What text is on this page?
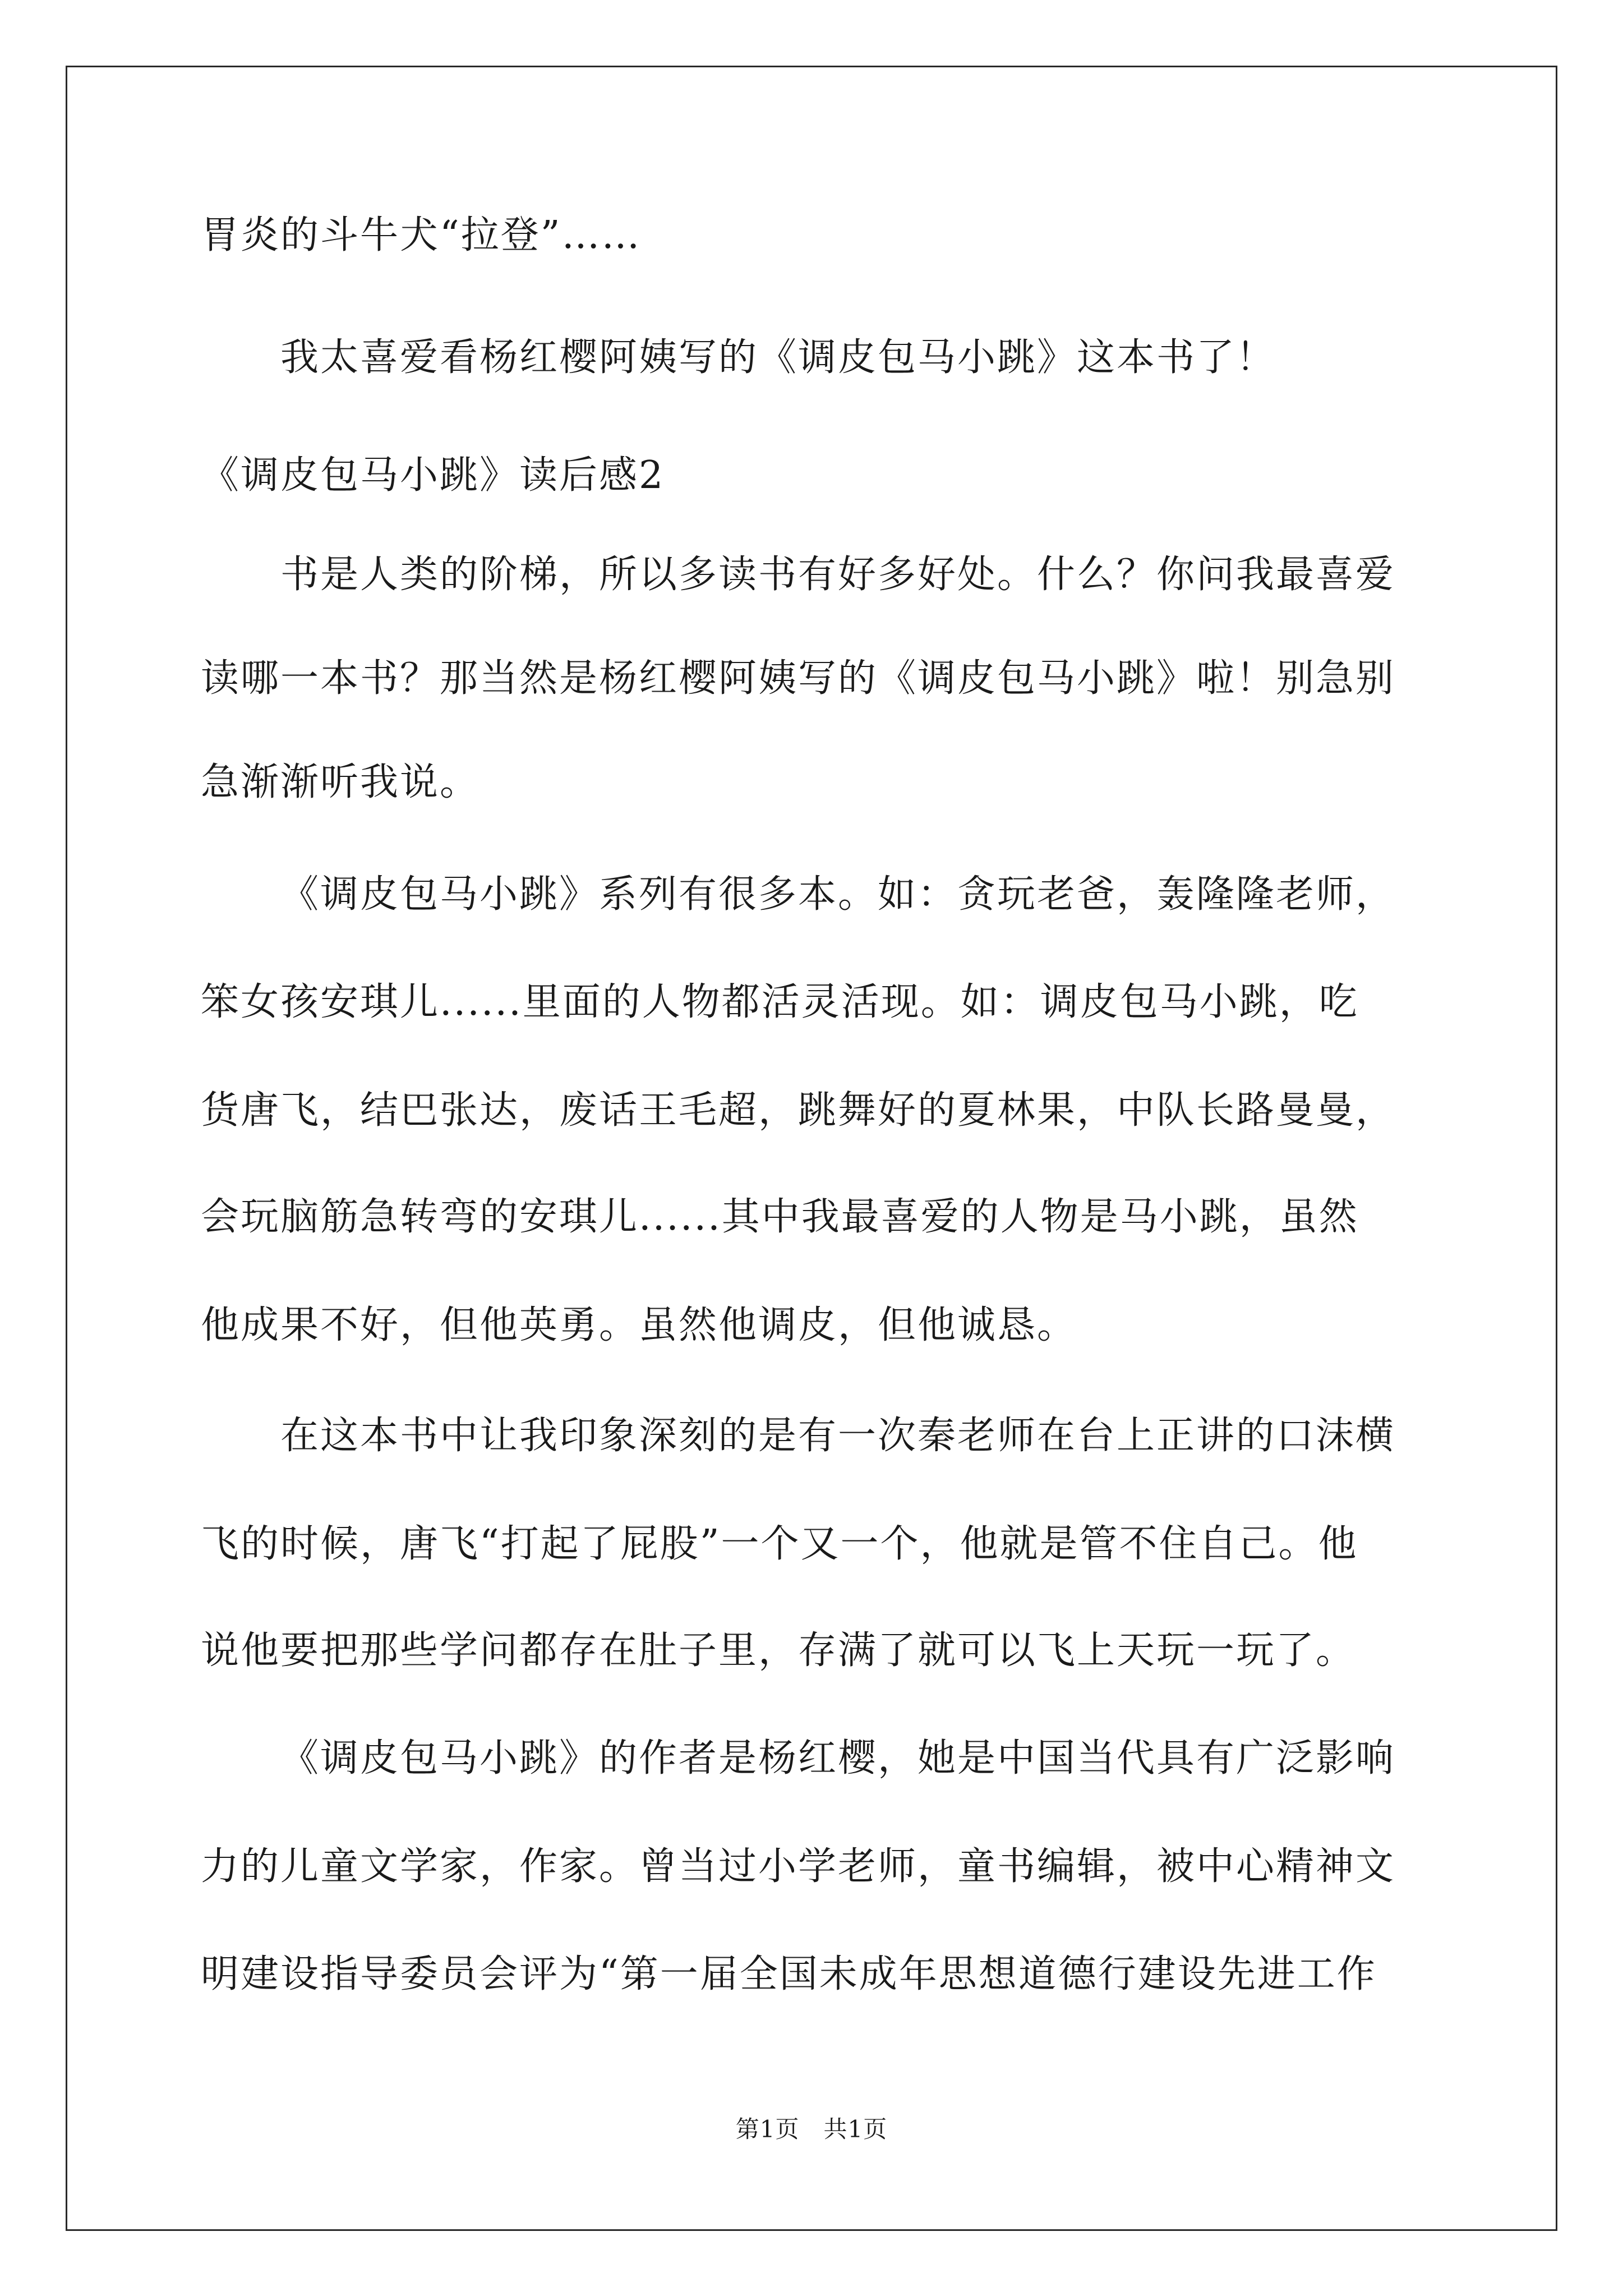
胃炎的斗牛犬“拉登”……
我太喜爱看杨红樱阿姨写的《调皮包马小跳》这本书了！
《调皮包马小跳》读后感2
书是人类的阶梯，所以多读书有好多好处。什么？你问我最喜爱
读哪一本书？那当然是杨红樱阿姨写的《调皮包马小跳》啦！别急别
急渐渐听我说。
《调皮包马小跳》系列有很多本。如：贪玩老爸，轰隆隆老师，
笨女孩安琪儿......里面的人物都活灵活现。如：调皮包马小跳，吃
货唐飞，结巴张达，废话王毛超，跳舞好的夏林果，中队长路曼曼，
会玩脑筋急转弯的安琪儿......其中我最喜爱的人物是马小跳，虽然
他成果不好，但他英勇。虽然他调皮，但他诚恳。
在这本书中让我印象深刻的是有一次秦老师在台上正讲的口沫横
飞的时候，唐飞“打起了屁股”一个又一个，他就是管不住自己。他
说他要把那些学问都存在肚子里，存满了就可以飞上天玩一玩了。
《调皮包马小跳》的作者是杨红樱，她是中国当代具有广泛影响
力的儿童文学家，作家。曾当过小学老师，童书编辑，被中心精神文
明建设指导委员会评为“第一届全国未成年思想道德行建设先进工作
第1页　共1页
